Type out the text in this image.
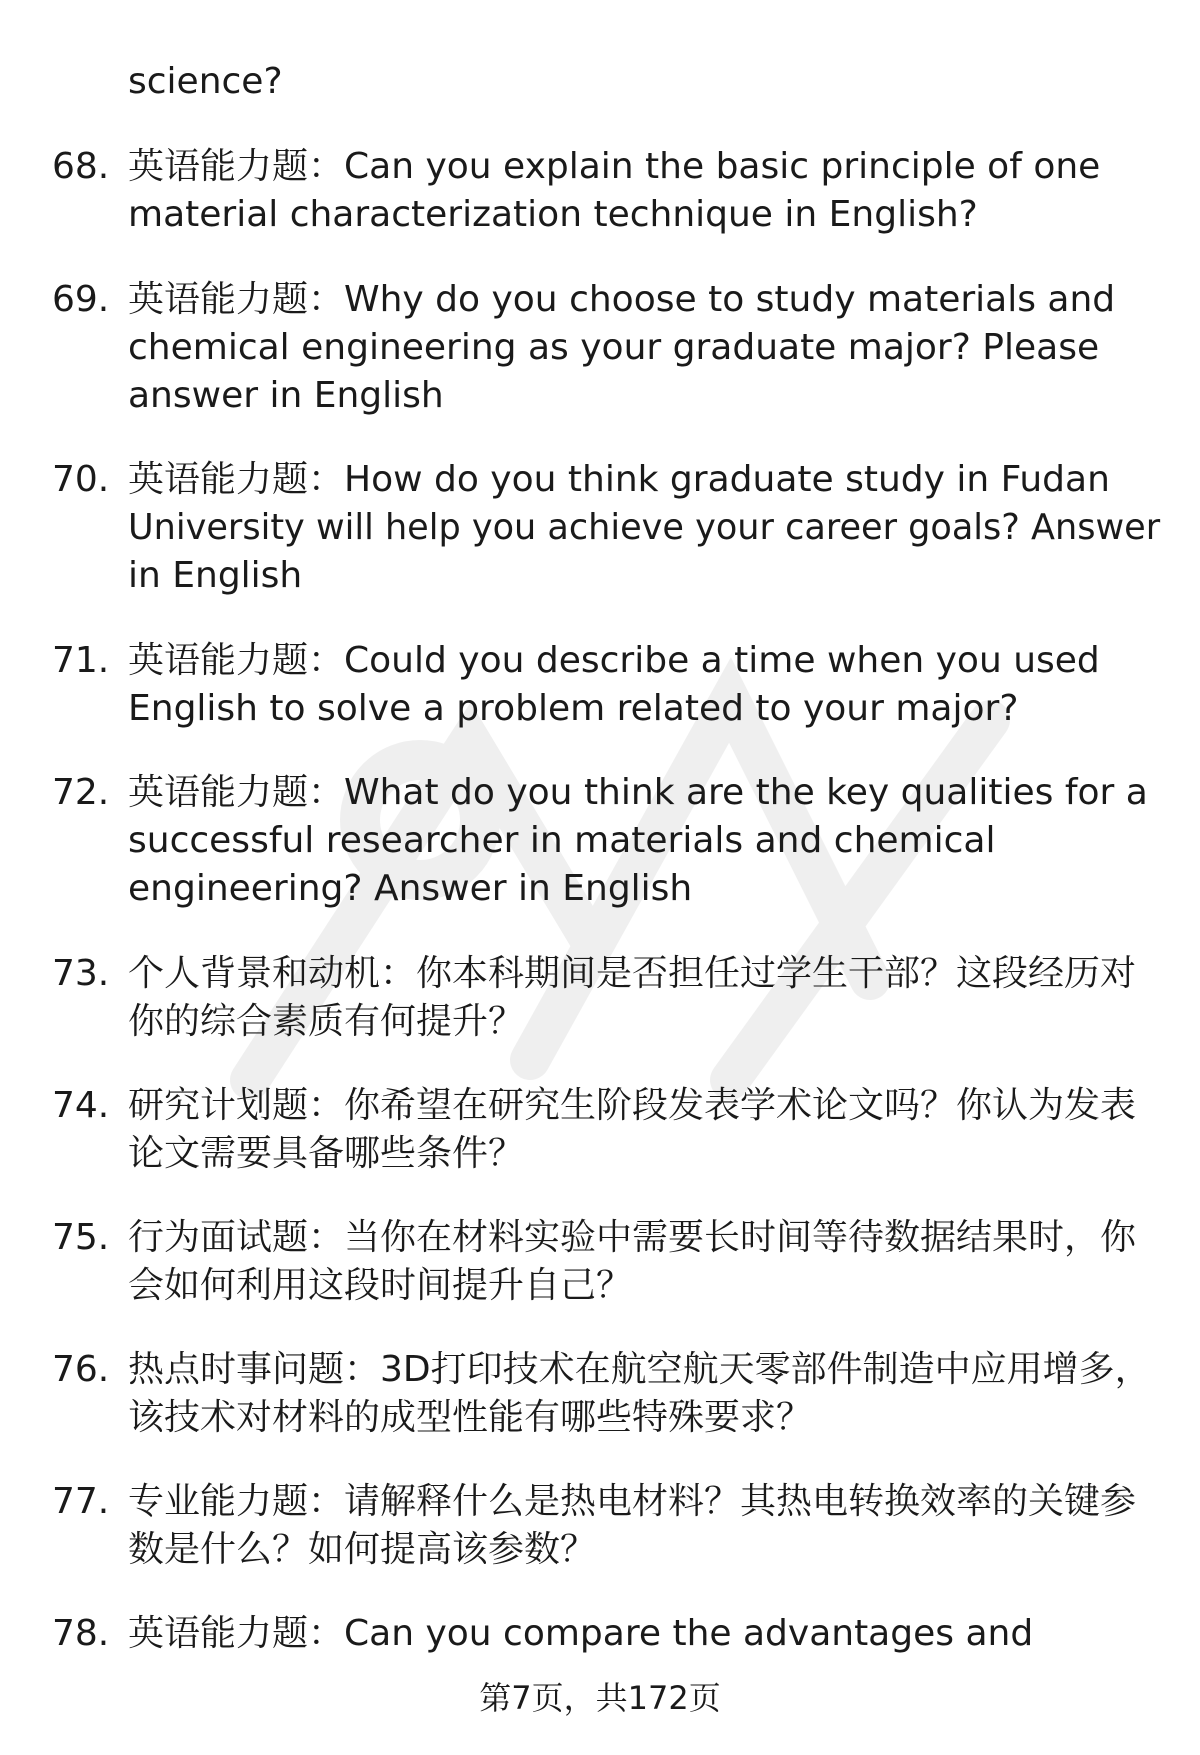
science?
68. 英语能力题：Can you explain the basic principle of one
material characterization technique in English?
69. 英语能力题：Why do you choose to study materials and
chemical engineering as your graduate major? Please
answer in English
70. 英语能力题：How do you think graduate study in Fudan
University will help you achieve your career goals? Answer
in English
71. 英语能力题：Could you describe a time when you used
English to solve a problem related to your major?
72. 英语能力题：What do you think are the key qualities for a
successful researcher in materials and chemical
engineering? Answer in English
73. 个人背景和动机：你本科期间是否担任过学生干部？这段经历对
你的综合素质有何提升？
74. 研究计划题：你希望在研究生阶段发表学术论文吗？你认为发表
论文需要具备哪些条件？
75. 行为面试题：当你在材料实验中需要长时间等待数据结果时，你
会如何利用这段时间提升自己？
76. 热点时事问题：3D打印技术在航空航天零部件制造中应用增多，
该技术对材料的成型性能有哪些特殊要求？
77. 专业能力题：请解释什么是热电材料？其热电转换效率的关键参
数是什么？如何提高该参数？
78. 英语能力题：Can you compare the advantages and
第7页，共172页
